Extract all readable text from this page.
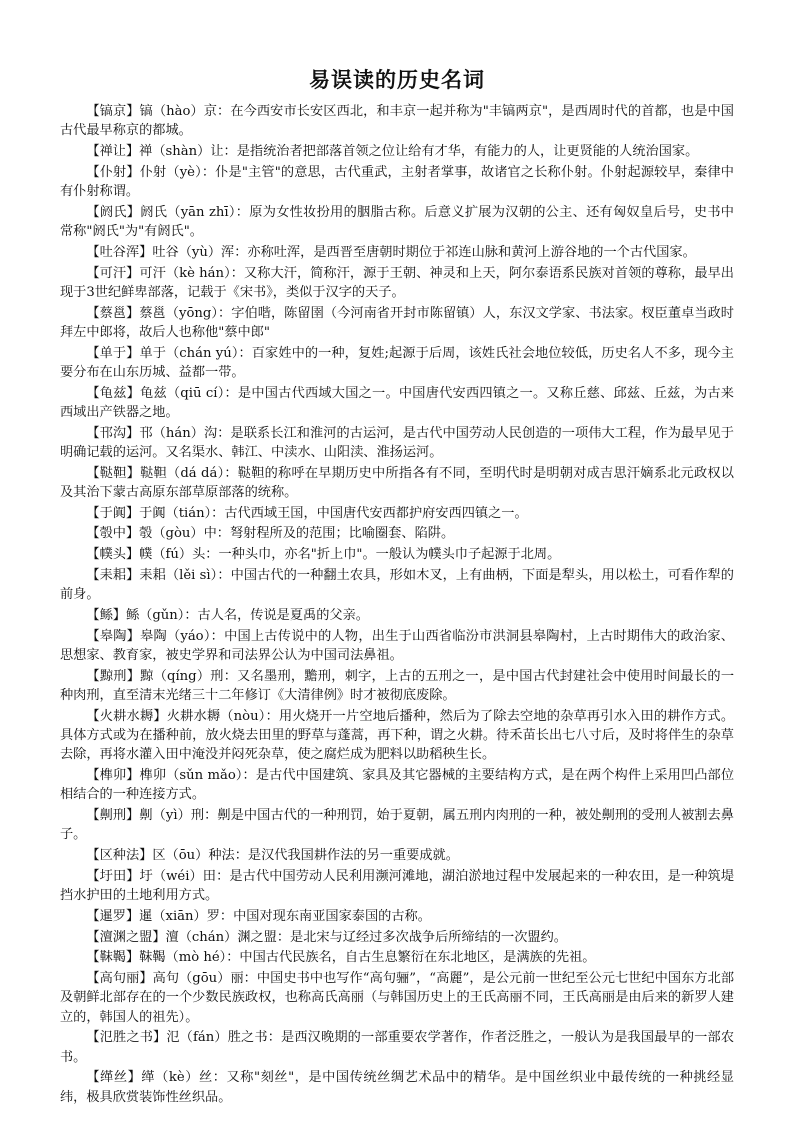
易误读的历史名词

【镐京】镐（hào）京：在今西安市长安区西北，和丰京一起并称为"丰镐两京"，是西周时代的首都，也是中国古代最早称京的都城。

【禅让】禅（shàn）让：是指统治者把部落首领之位让给有才华，有能力的人，让更贤能的人统治国家。

【仆射】仆射（yè）：仆是"主管"的意思，古代重武，主射者掌事，故诸官之长称仆射。仆射起源较早，秦律中有仆射称谓。

【阏氏】阏氏（yān zhī）：原为女性妆扮用的胭脂古称。后意义扩展为汉朝的公主、还有匈奴皇后号，史书中常称"阏氏"为"有阏氏"。

【吐谷浑】吐谷（yù）浑：亦称吐浑，是西晋至唐朝时期位于祁连山脉和黄河上游谷地的一个古代国家。

【可汗】可汗（kè hán）：又称大汗，简称汗，源于王朝、神灵和上天，阿尔泰语系民族对首领的尊称，最早出现于3世纪鲜卑部落，记载于《宋书》，类似于汉字的天子。

【蔡邕】蔡邕（yōng）：字伯喈，陈留圉（今河南省开封市陈留镇）人，东汉文学家、书法家。杈臣董卓当政时拜左中郎将，故后人也称他"蔡中郎"

【单于】单于（chán yú）：百家姓中的一种，复姓;起源于后周，该姓氏社会地位较低，历史名人不多，现今主要分布在山东历城、益都一带。

【龟兹】龟兹（qiū cí）：是中国古代西域大国之一。中国唐代安西四镇之一。又称丘慈、邱兹、丘兹，为古来西域出产铁器之地。

【邗沟】邗（hán）沟：是联系长江和淮河的古运河，是古代中国劳动人民创造的一项伟大工程，作为最早见于明确记载的运河。又名渠水、韩江、中渎水、山阳渎、淮扬运河。

【鞑靼】鞑靼（dá dá）：鞑靼的称呼在早期历史中所指各有不同，至明代时是明朝对成吉思汗嫡系北元政权以及其治下蒙古高原东部草原部落的统称。

【于阗】于阗（tián）：古代西域王国，中国唐代安西都护府安西四镇之一。

【彀中】彀（gòu）中：弩射程所及的范围；比喻圈套、陷阱。

【幞头】幞（fú）头：一种头巾，亦名"折上巾"。一般认为幞头巾子起源于北周。

【耒耜】耒耜（lěi sì）：中国古代的一种翻土农具，形如木叉，上有曲柄，下面是犁头，用以松土，可看作犁的前身。

【鲧】鲧（gǔn）：古人名，传说是夏禹的父亲。

【皋陶】皋陶（yáo）：中国上古传说中的人物，出生于山西省临汾市洪洞县皋陶村，上古时期伟大的政治家、思想家、教育家，被史学界和司法界公认为中国司法鼻祖。

【黥刑】黥（qíng）刑：又名墨刑，黵刑，刺字，上古的五刑之一，是中国古代封建社会中使用时间最长的一种肉刑，直至清末光绪三十二年修订《大清律例》时才被彻底废除。

【火耕水耨】火耕水耨（nòu）：用火烧开一片空地后播种，然后为了除去空地的杂草再引水入田的耕作方式。具体方式或为在播种前，放火烧去田里的野草与蓬蒿，再下种，谓之火耕。待禾苗长出七八寸后，及时将伴生的杂草去除，再将水灌入田中淹没并闷死杂草，使之腐烂成为肥料以助稻秧生长。

【榫卯】榫卯（sǔn mǎo）：是古代中国建筑、家具及其它器械的主要结构方式，是在两个构件上采用凹凸部位相结合的一种连接方式。

【劓刑】劓（yì）刑：劓是中国古代的一种刑罚，始于夏朝，属五刑内肉刑的一种，被处劓刑的受刑人被割去鼻子。

【区种法】区（ōu）种法：是汉代我国耕作法的另一重要成就。

【圩田】圩（wéi）田：是古代中国劳动人民利用濒河滩地，湖泊淤地过程中发展起来的一种农田，是一种筑堤挡水护田的土地利用方式。

【暹罗】暹（xiān）罗：中国对现东南亚国家泰国的古称。

【澶渊之盟】澶（chán）渊之盟：是北宋与辽经过多次战争后所缔结的一次盟约。

【靺鞨】靺鞨（mò hé）：中国古代民族名，自古生息繁衍在东北地区，是满族的先祖。

【高句丽】高句（gōu）丽：中国史书中也写作“高句骊”，“高麗”，是公元前一世纪至公元七世纪中国东方北部及朝鲜北部存在的一个少数民族政权，也称高氏高丽（与韩国历史上的王氏高丽不同，王氏高丽是由后来的新罗人建立的，韩国人的祖先）。

【氾胜之书】氾（fán）胜之书：是西汉晚期的一部重要农学著作，作者泛胜之，一般认为是我国最早的一部农书。

【缂丝】缂（kè）丝：又称"刻丝"，是中国传统丝绸艺术品中的精华。是中国丝织业中最传统的一种挑经显纬，极具欣赏装饰性丝织品。
